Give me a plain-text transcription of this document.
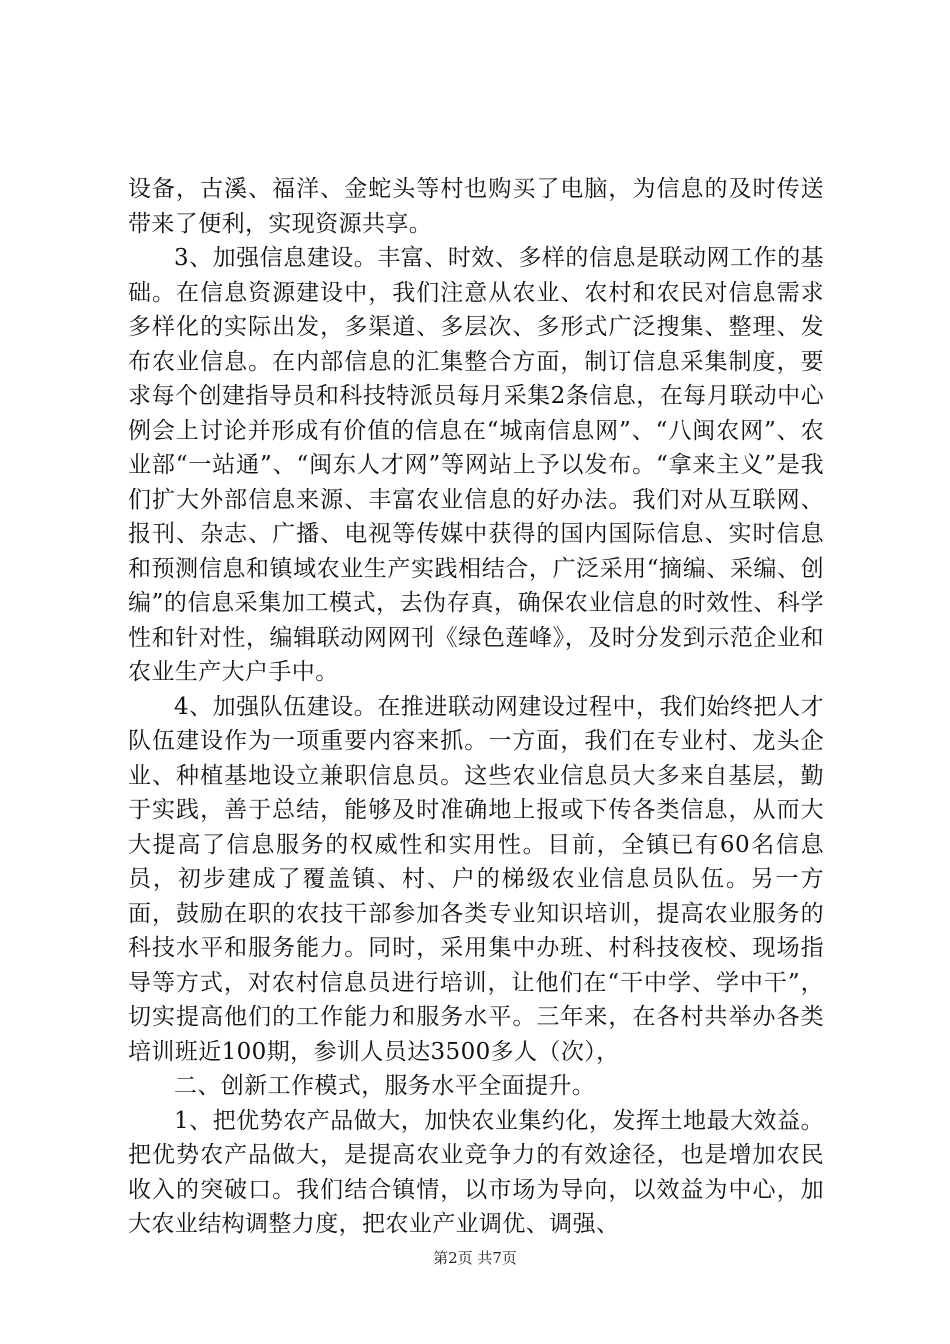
设备，古溪、福洋、金蛇头等村也购买了电脑，为信息的及时传送带来了便利，实现资源共享。

3、加强信息建设。丰富、时效、多样的信息是联动网工作的基础。在信息资源建设中，我们注意从农业、农村和农民对信息需求多样化的实际出发，多渠道、多层次、多形式广泛搜集、整理、发布农业信息。在内部信息的汇集整合方面，制订信息采集制度，要求每个创建指导员和科技特派员每月采集2条信息，在每月联动中心例会上讨论并形成有价值的信息在“城南信息网”、“八闽农网”、农业部“一站通”、“闽东人才网”等网站上予以发布。“拿来主义”是我们扩大外部信息来源、丰富农业信息的好办法。我们对从互联网、报刊、杂志、广播、电视等传媒中获得的国内国际信息、实时信息和预测信息和镇域农业生产实践相结合，广泛采用“摘编、采编、创编”的信息采集加工模式，去伪存真，确保农业信息的时效性、科学性和针对性，编辑联动网网刊《绿色莲峰》，及时分发到示范企业和农业生产大户手中。

4、加强队伍建设。在推进联动网建设过程中，我们始终把人才队伍建设作为一项重要内容来抓。一方面，我们在专业村、龙头企业、种植基地设立兼职信息员。这些农业信息员大多来自基层，勤于实践，善于总结，能够及时准确地上报或下传各类信息，从而大大提高了信息服务的权威性和实用性。目前，全镇已有60名信息员，初步建成了覆盖镇、村、户的梯级农业信息员队伍。另一方面，鼓励在职的农技干部参加各类专业知识培训，提高农业服务的科技水平和服务能力。同时，采用集中办班、村科技夜校、现场指导等方式，对农村信息员进行培训，让他们在“干中学、学中干”，切实提高他们的工作能力和服务水平。三年来，在各村共举办各类培训班近100期，参训人员达3500多人（次），

二、创新工作模式，服务水平全面提升。

1、把优势农产品做大，加快农业集约化，发挥土地最大效益。把优势农产品做大，是提高农业竞争力的有效途径，也是增加农民收入的突破口。我们结合镇情，以市场为导向，以效益为中心，加大农业结构调整力度，把农业产业调优、调强、

第2页 共7页
